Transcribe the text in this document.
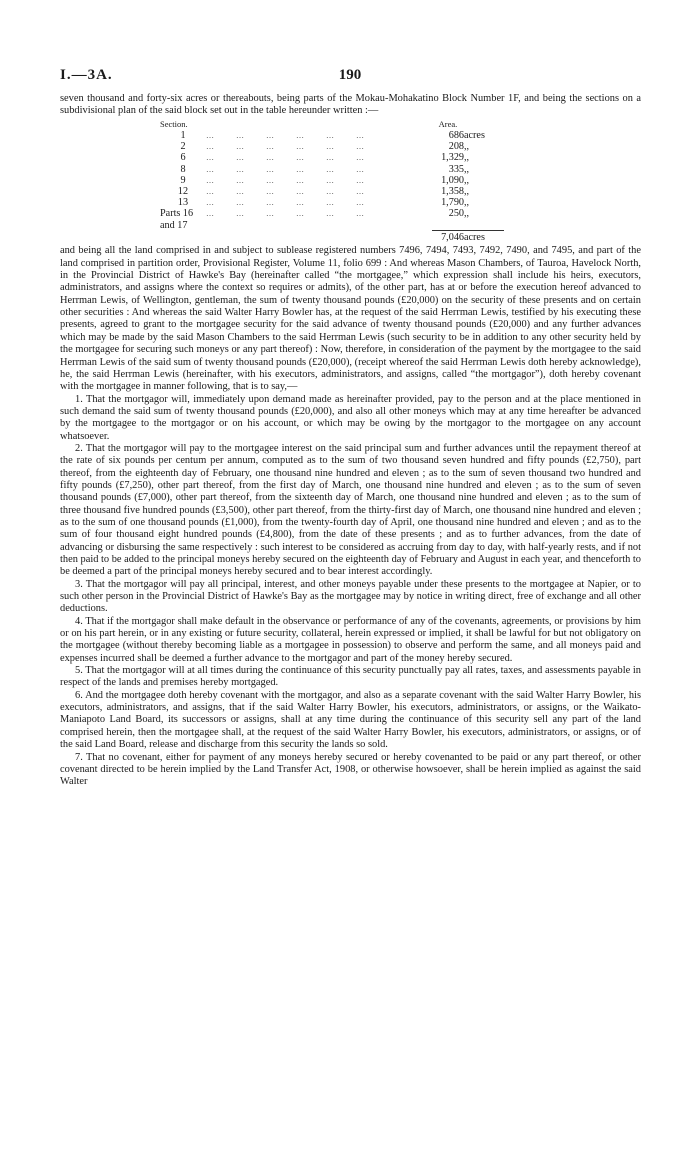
I.—3A.	190

seven thousand and forty-six acres or thereabouts, being parts of the Mokau-Mohakatino Block Number 1F, and being the sections on a subdivisional plan of the said block set out in the table hereunder written :—

Section.		Area.	
1	…       …       …       …       …       …	686	acres
2	…       …       …       …       …       …	208	,,
6	…       …       …       …       …       …	1,329	,,
8	…       …       …       …       …       …	335	,,
9	…       …       …       …       …       …	1,090	,,
12	…       …       …       …       …       …	1,358	,,
13	…       …       …       …       …       …	1,790	,,
Parts 16 and 17	…       …       …       …       …       …	250	,,

		7,046	acres

and being all the land comprised in and subject to sublease registered numbers 7496, 7494, 7493, 7492, 7490, and 7495, and part of the land comprised in partition order, Provisional Register, Volume 11, folio 699 : And whereas Mason Chambers, of Tauroa, Havelock North, in the Provincial District of Hawke's Bay (hereinafter called “the mortgagee,” which expression shall include his heirs, executors, administrators, and assigns where the context so requires or admits), of the other part, has at or before the execution hereof advanced to Herrman Lewis, of Wellington, gentleman, the sum of twenty thousand pounds (£20,000) on the security of these presents and on certain other securities : And whereas the said Walter Harry Bowler has, at the request of the said Herrman Lewis, testified by his executing these presents, agreed to grant to the mortgagee security for the said advance of twenty thousand pounds (£20,000) and any further advances which may be made by the said Mason Chambers to the said Herrman Lewis (such security to be in addition to any other security held by the mortgagee for securing such moneys or any part thereof) : Now, therefore, in consideration of the payment by the mortgagee to the said Herrman Lewis of the said sum of twenty thousand pounds (£20,000), (receipt whereof the said Herrman Lewis doth hereby acknowledge), he, the said Herrman Lewis (hereinafter, with his executors, administrators, and assigns, called “the mortgagor”), doth hereby covenant with the mortgagee in manner following, that is to say,—

1. That the mortgagor will, immediately upon demand made as hereinafter provided, pay to the person and at the place mentioned in such demand the said sum of twenty thousand pounds (£20,000), and also all other moneys which may at any time hereafter be advanced by the mortgagee to the mortgagor or on his account, or which may be owing by the mortgagor to the mortgagee on any account whatsoever.

2. That the mortgagor will pay to the mortgagee interest on the said principal sum and further advances until the repayment thereof at the rate of six pounds per centum per annum, computed as to the sum of two thousand seven hundred and fifty pounds (£2,750), part thereof, from the eighteenth day of February, one thousand nine hundred and eleven ; as to the sum of seven thousand two hundred and fifty pounds (£7,250), other part thereof, from the first day of March, one thousand nine hundred and eleven ; as to the sum of seven thousand pounds (£7,000), other part thereof, from the sixteenth day of March, one thousand nine hundred and eleven ; as to the sum of three thousand five hundred pounds (£3,500), other part thereof, from the thirty-first day of March, one thousand nine hundred and eleven ; as to the sum of one thousand pounds (£1,000), from the twenty-fourth day of April, one thousand nine hundred and eleven ; and as to the sum of four thousand eight hundred pounds (£4,800), from the date of these presents ; and as to further advances, from the date of advancing or disbursing the same respectively : such interest to be considered as accruing from day to day, with half-yearly rests, and if not then paid to be added to the principal moneys hereby secured on the eighteenth day of February and August in each year, and thenceforth to be deemed a part of the principal moneys hereby secured and to bear interest accordingly.

3. That the mortgagor will pay all principal, interest, and other moneys payable under these presents to the mortgagee at Napier, or to such other person in the Provincial District of Hawke's Bay as the mortgagee may by notice in writing direct, free of exchange and all other deductions.

4. That if the mortgagor shall make default in the observance or performance of any of the covenants, agreements, or provisions by him or on his part herein, or in any existing or future security, collateral, herein expressed or implied, it shall be lawful for but not obligatory on the mortgagee (without thereby becoming liable as a mortgagee in possession) to observe and perform the same, and all moneys paid and expenses incurred shall be deemed a further advance to the mortgagor and part of the money hereby secured.

5. That the mortgagor will at all times during the continuance of this security punctually pay all rates, taxes, and assessments payable in respect of the lands and premises hereby mortgaged.

6. And the mortgagee doth hereby covenant with the mortgagor, and also as a separate covenant with the said Walter Harry Bowler, his executors, administrators, and assigns, that if the said Walter Harry Bowler, his executors, administrators, or assigns, or the Waikato-Maniapoto Land Board, its successors or assigns, shall at any time during the continuance of this security sell any part of the land comprised herein, then the mortgagee shall, at the request of the said Walter Harry Bowler, his executors, administrators, or assigns, or of the said Land Board, release and discharge from this security the lands so sold.

7. That no covenant, either for payment of any moneys hereby secured or hereby covenanted to be paid or any part thereof, or other covenant directed to be herein implied by the Land Transfer Act, 1908, or otherwise howsoever, shall be herein implied as against the said Walter
